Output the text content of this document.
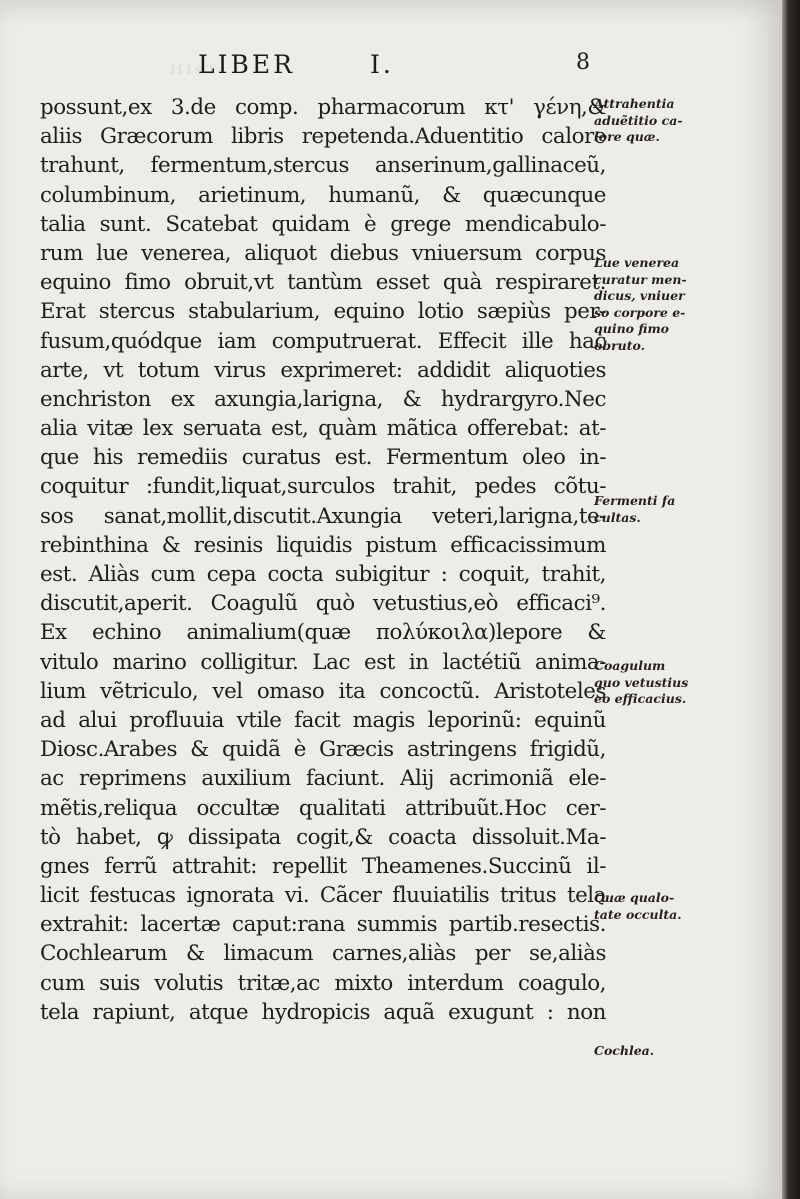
ᴴᴵˢᵀ
LIBER	I.	8
possunt,ex 3.de comp. pharmacorum κτ' γένη,&
aliis Græcorum libris repetenda.Aduentitio calore
trahunt, fermentum,stercus anserinum,gallinaceũ,
columbinum, arietinum, humanũ, & quæcunque
talia sunt. Scatebat quidam è grege mendicabulo-
rum lue venerea, aliquot diebus vniuersum corpus
equino fimo obruit,vt tantùm esset quà respiraret.
Erat stercus stabularium, equino lotio sæpiùs per-
fusum,quódque iam computruerat. Effecit ille hac
arte, vt totum virus exprimeret: addidit aliquoties
enchriston ex axungia,larigna, & hydrargyro.Nec
alia vitæ lex seruata est, quàm mãtica offerebat: at-
que his remediis curatus est. Fermentum oleo in-
coquitur :fundit,liquat,surculos trahit, pedes cõtu-
sos sanat,mollit,discutit.Axungia veteri,larigna,te-
rebinthina & resinis liquidis pistum efficacissimum
est. Aliàs cum cepa cocta subigitur : coquit, trahit,
discutit,aperit. Coagulũ quò vetustius,eò efficaci⁹.
Ex echino animalium(quæ πολύκοιλα)lepore &
vitulo marino colligitur. Lac est in lactétiũ anima-
lium vẽtriculo, vel omaso ita concoctũ. Aristoteles
ad alui profluuia vtile facit magis leporinũ: equinũ
Diosc.Arabes & quidã è Græcis astringens frigidũ,
ac reprimens auxilium faciunt. Alij acrimoniã ele-
mẽtis,reliqua occultæ qualitati attribuũt.Hoc cer-
tò habet, ꝙ dissipata cogit,& coacta dissoluit.Ma-
gnes ferrũ attrahit: repellit Theamenes.Succinũ il-
licit festucas ignorata vi. Cãcer fluuiatilis tritus tela
extrahit: lacertæ caput:rana summis partib.resectis.
Cochlearum & limacum carnes,aliàs per se,aliàs
cum suis volutis tritæ,ac mixto interdum coagulo,
tela rapiunt, atque hydropicis aquã exugunt : non
Attrahentia
aduẽtitio ca-
lore quæ.
Lue venerea
curatur men-
dicus, vniuer
so corpore e-
quino fimo
obruto.
Fermenti fa
cultas.
Coagulum
quo vetustius
eo efficacius.
Quæ qualo-
tate occulta.
Cochlea.
